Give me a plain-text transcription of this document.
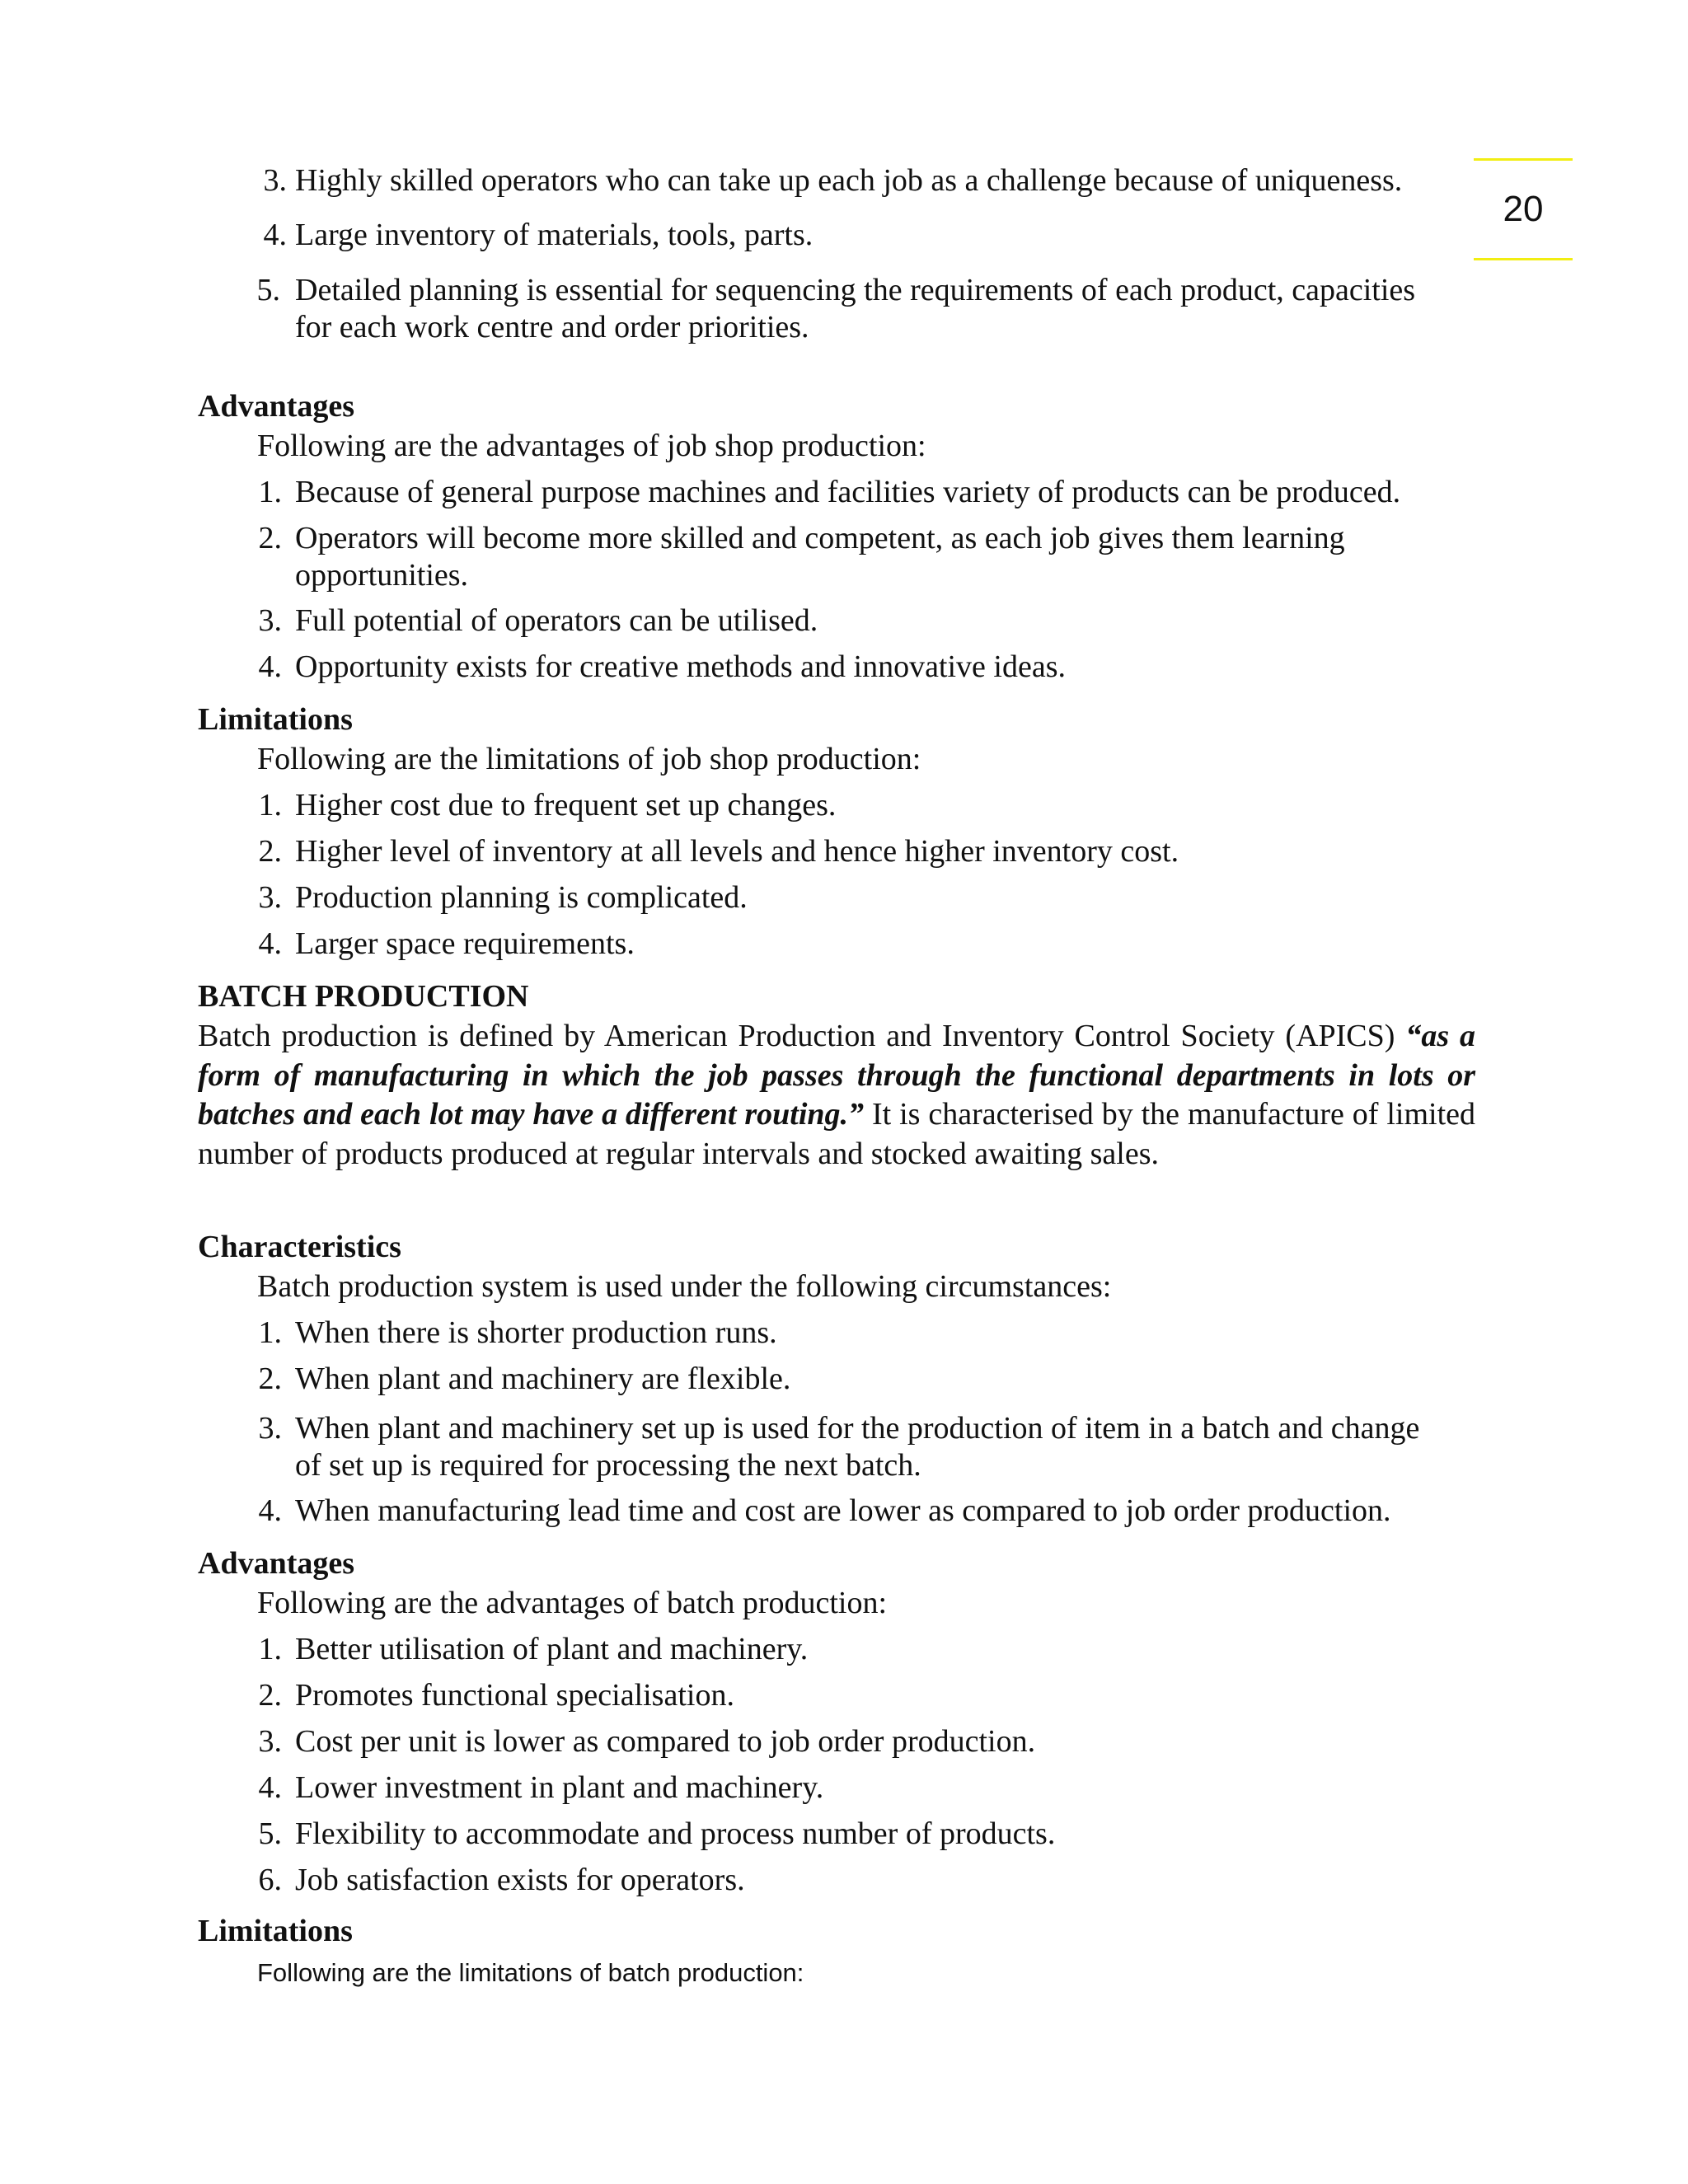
20
3. Highly skilled operators who can take up each job as a challenge because of uniqueness.
4. Large inventory of materials, tools, parts.
5. Detailed planning is essential for sequencing the requirements of each product, capacities
for each work centre and order priorities.
Advantages
Following are the advantages of job shop production:
1. Because of general purpose machines and facilities variety of products can be produced.
2. Operators will become more skilled and competent, as each job gives them learning
opportunities.
3. Full potential of operators can be utilised.
4. Opportunity exists for creative methods and innovative ideas.
Limitations
Following are the limitations of job shop production:
1. Higher cost due to frequent set up changes.
2. Higher level of inventory at all levels and hence higher inventory cost.
3. Production planning is complicated.
4. Larger space requirements.
BATCH PRODUCTION
Batch production is defined by American Production and Inventory Control Society (APICS) “as a form of manufacturing in which the job passes through the functional departments in lots or batches and each lot may have a different routing.” It is characterised by the manufacture of limited number of products produced at regular intervals and stocked awaiting sales.
Characteristics
Batch production system is used under the following circumstances:
1. When there is shorter production runs.
2. When plant and machinery are flexible.
3. When plant and machinery set up is used for the production of item in a batch and change
of set up is required for processing the next batch.
4. When manufacturing lead time and cost are lower as compared to job order production.
Advantages
Following are the advantages of batch production:
1. Better utilisation of plant and machinery.
2. Promotes functional specialisation.
3. Cost per unit is lower as compared to job order production.
4. Lower investment in plant and machinery.
5. Flexibility to accommodate and process number of products.
6. Job satisfaction exists for operators.
Limitations
Following are the limitations of batch production:
